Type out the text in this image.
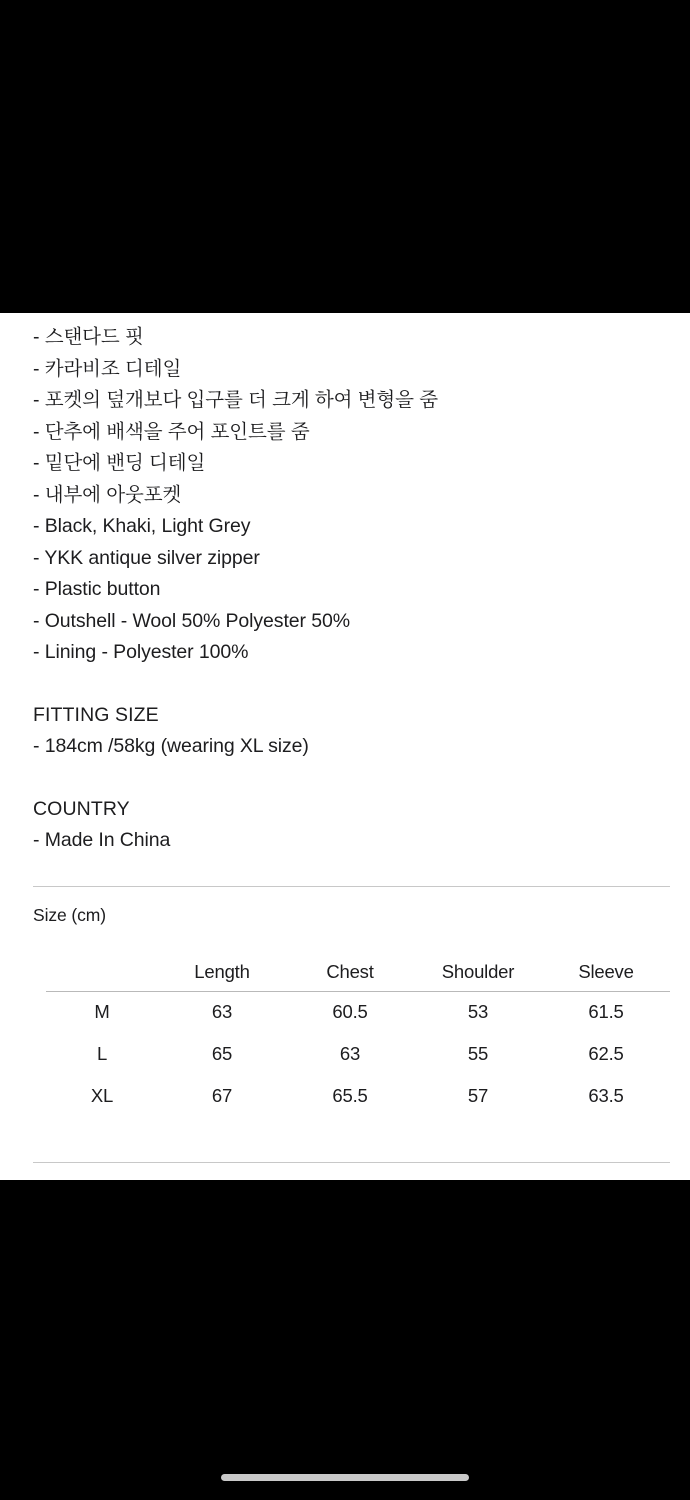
- 스탠다드 핏
- 카라비조 디테일
- 포켓의 덮개보다 입구를 더 크게 하여 변형을 줌
- 단추에 배색을 주어 포인트를 줌
- 밑단에 밴딩 디테일
- 내부에 아웃포켓
- Black, Khaki, Light Grey
- YKK antique silver zipper
- Plastic button
- Outshell - Wool 50% Polyester 50%
- Lining - Polyester 100%
FITTING SIZE
- 184cm /58kg (wearing XL size)
COUNTRY
- Made In China
Size (cm)
	Length	Chest	Shoulder	Sleeve
M	63	60.5	53	61.5
L	65	63	55	62.5
XL	67	65.5	57	63.5
